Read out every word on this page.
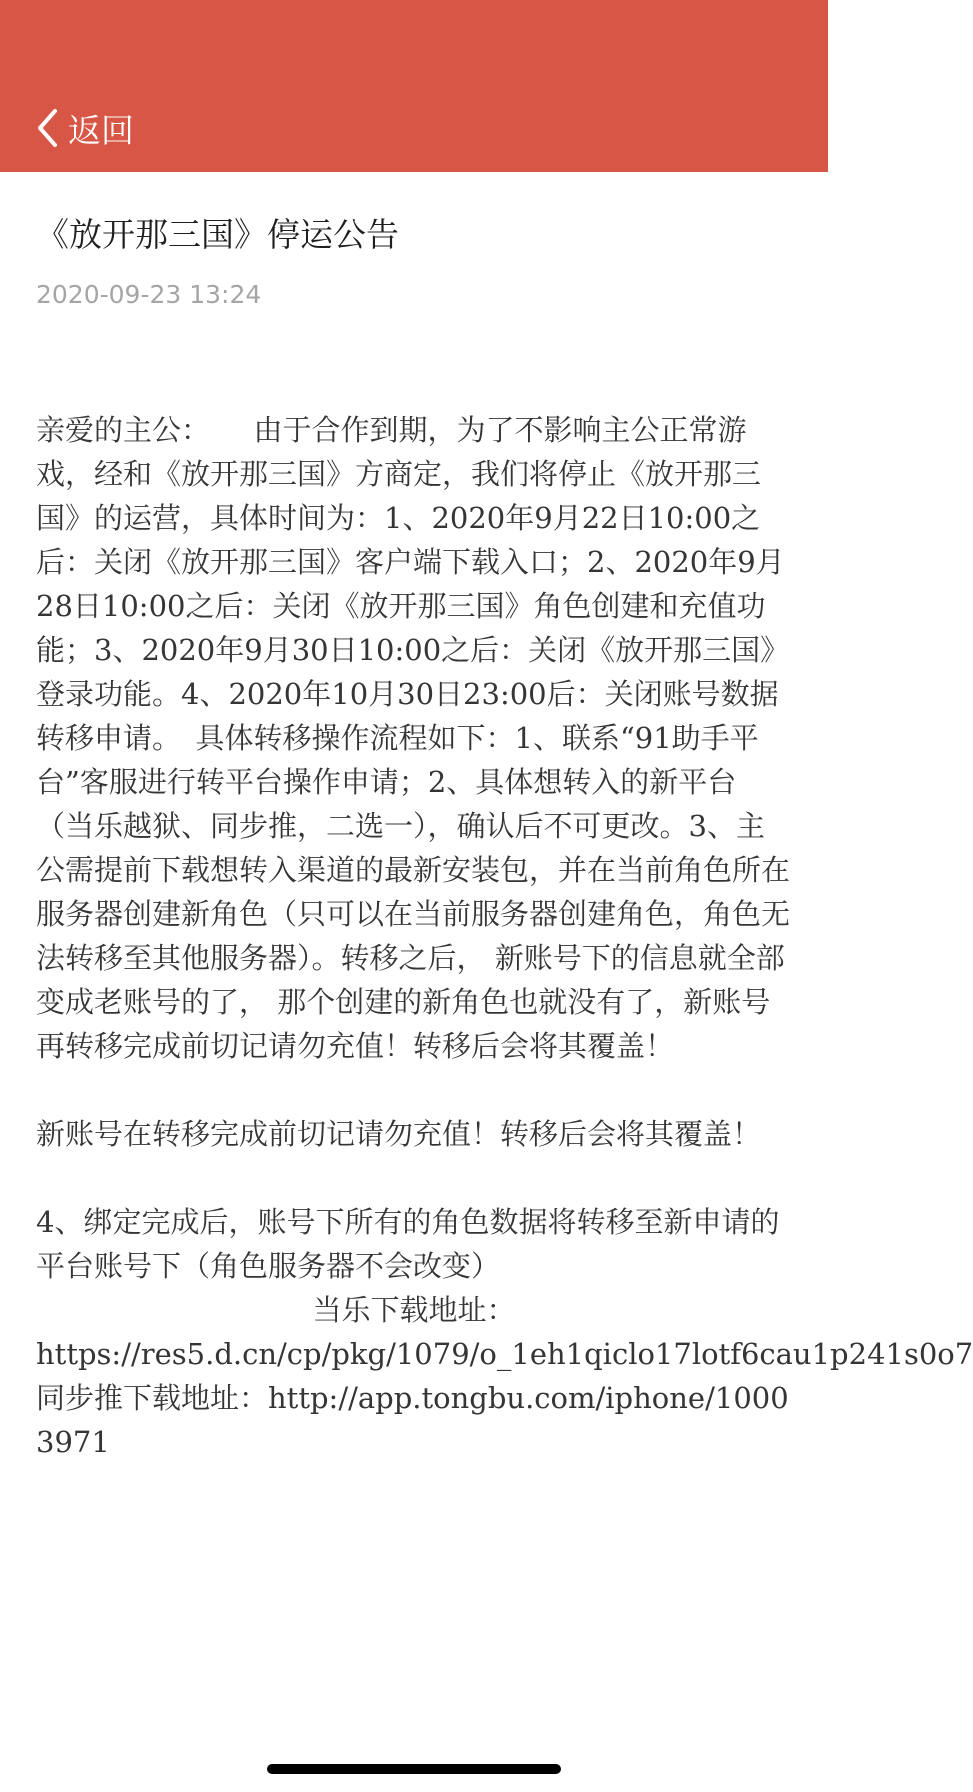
返回
《放开那三国》停运公告
2020-09-23 13:24

亲爱的主公：　　由于合作到期，为了不影响主公正常游戏，经和《放开那三国》方商定，我们将停止《放开那三国》的运营，具体时间为：1、2020年9月22日10:00之后：关闭《放开那三国》客户端下载入口；2、2020年9月28日10:00之后：关闭《放开那三国》角色创建和充值功能；3、2020年9月30日10:00之后：关闭《放开那三国》登录功能。4、2020年10月30日23:00后：关闭账号数据转移申请。　具体转移操作流程如下：1、联系“91助手平台”客服进行转平台操作申请；2、具体想转入的新平台（当乐越狱、同步推，二选一），确认后不可更改。3、主公需提前下载想转入渠道的最新安装包，并在当前角色所在服务器创建新角色（只可以在当前服务器创建角色，角色无法转移至其他服务器）。转移之后， 新账号下的信息就全部变成老账号的了， 那个创建的新角色也就没有了，新账号再转移完成前切记请勿充值！转移后会将其覆盖！

新账号在转移完成前切记请勿充值！转移后会将其覆盖！

4、绑定完成后，账号下所有的角色数据将转移至新申请的平台账号下（角色服务器不会改变）

当乐下载地址：

https://res5.d.cn/cp/pkg/1079/o_1eh1qiclo17lotf6cau1p241s0o7

同步推下载地址：http://app.tongbu.com/iphone/10003971
